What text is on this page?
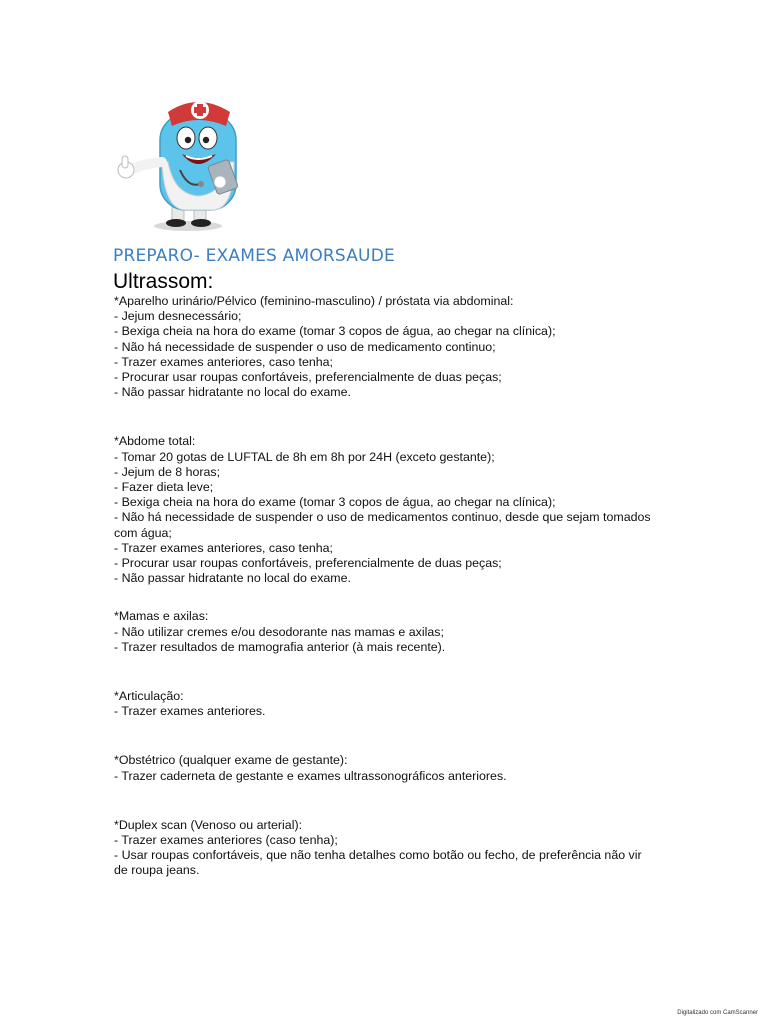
PREPARO- EXAMES AMORSAUDE
Ultrassom:
*Aparelho urinário/Pélvico (feminino-masculino) / próstata via abdominal:
- Jejum desnecessário;
- Bexiga cheia na hora do exame (tomar 3 copos de água, ao chegar na clínica);
- Não há necessidade de suspender o uso de medicamento continuo;
- Trazer exames anteriores, caso tenha;
- Procurar usar roupas confortáveis, preferencialmente de duas peças;
- Não passar hidratante no local do exame.
*Abdome total:
- Tomar 20 gotas de LUFTAL de 8h em 8h por 24H (exceto gestante);
- Jejum de 8 horas;
- Fazer dieta leve;
- Bexiga cheia na hora do exame (tomar 3 copos de água, ao chegar na clínica);
- Não há necessidade de suspender o uso de medicamentos continuo, desde que sejam tomados com água;
- Trazer exames anteriores, caso tenha;
- Procurar usar roupas confortáveis, preferencialmente de duas peças;
- Não passar hidratante no local do exame.
*Mamas e axilas:
- Não utilizar cremes e/ou desodorante nas mamas e axilas;
- Trazer resultados de mamografia anterior (à mais recente).
*Articulação:
- Trazer exames anteriores.
*Obstétrico (qualquer exame de gestante):
- Trazer caderneta de gestante e exames ultrassonográficos anteriores.
*Duplex scan (Venoso ou arterial):
- Trazer exames anteriores (caso tenha);
- Usar roupas confortáveis, que não tenha detalhes como botão ou fecho, de preferência não vir de roupa jeans.
Digitalizado com CamScanner
